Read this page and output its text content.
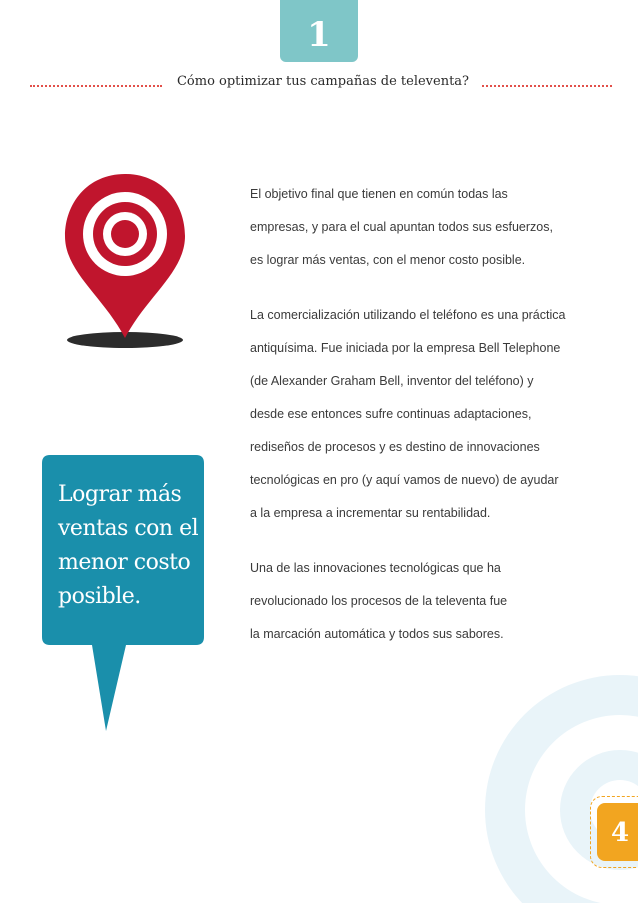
1
Cómo optimizar tus campañas de televenta?
Lograr más
ventas con el
menor costo
posible.

El objetivo final que tienen en común todas las

empresas, y para el cual apuntan todos sus esfuerzos,

es lograr más ventas, con el menor costo posible.

La comercialización utilizando el teléfono es una práctica

antiquísima. Fue iniciada por la empresa Bell Telephone

(de Alexander Graham Bell, inventor del teléfono) y

desde ese entonces sufre continuas adaptaciones,

rediseños de procesos y es destino de innovaciones

tecnológicas en pro (y aquí vamos de nuevo) de ayudar

a la empresa a incrementar su rentabilidad.

Una de las innovaciones tecnológicas que ha

revolucionado los procesos de la televenta fue

la marcación automática y todos sus sabores.

4
